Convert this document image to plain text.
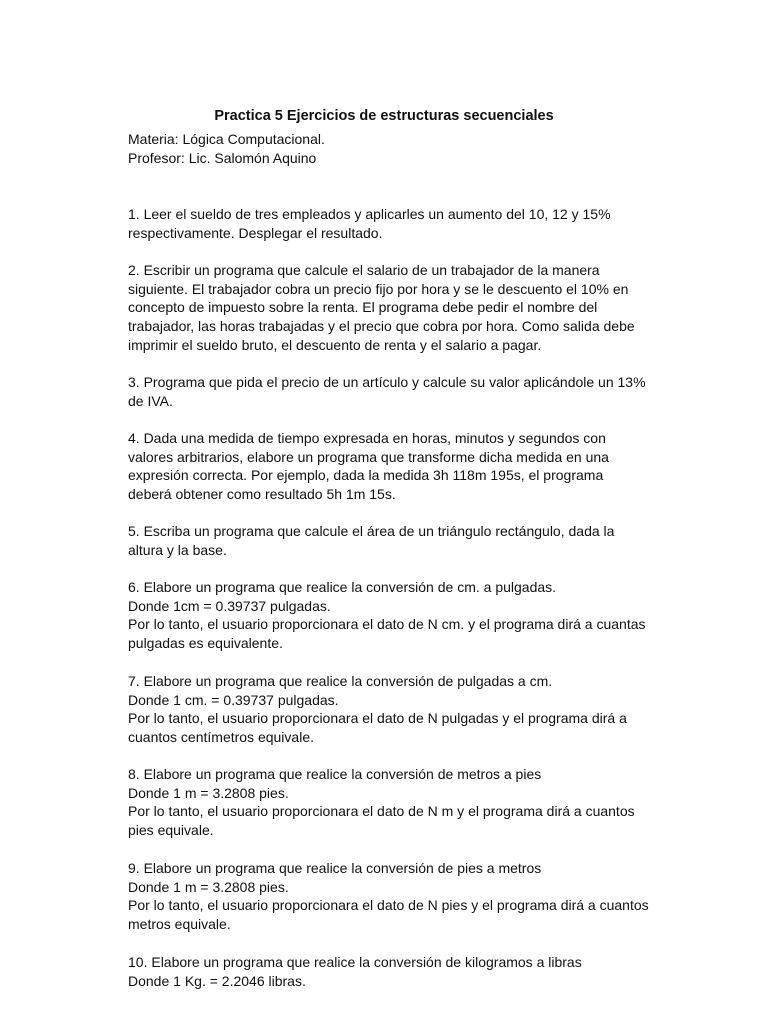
Practica 5 Ejercicios de estructuras secuenciales
Materia: Lógica Computacional.
Profesor: Lic. Salomón Aquino
1. Leer el sueldo de tres empleados y aplicarles un aumento del 10, 12 y 15%
respectivamente. Desplegar el resultado.
2. Escribir un programa que calcule el salario de un trabajador de la manera
siguiente. El trabajador cobra un precio fijo por hora y se le descuento el 10% en
concepto de impuesto sobre la renta. El programa debe pedir el nombre del
trabajador, las horas trabajadas y el precio que cobra por hora. Como salida debe
imprimir el sueldo bruto, el descuento de renta y el salario a pagar.
3. Programa que pida el precio de un artículo y calcule su valor aplicándole un 13%
de IVA.
4. Dada una medida de tiempo expresada en horas, minutos y segundos con
valores arbitrarios, elabore un programa que transforme dicha medida en una
expresión correcta. Por ejemplo, dada la medida 3h 118m 195s, el programa
deberá obtener como resultado 5h 1m 15s.
5. Escriba un programa que calcule el área de un triángulo rectángulo, dada la
altura y la base.
6. Elabore un programa que realice la conversión de cm. a pulgadas.
Donde 1cm = 0.39737 pulgadas.
Por lo tanto, el usuario proporcionara el dato de N cm. y el programa dirá a cuantas
pulgadas es equivalente.
7. Elabore un programa que realice la conversión de pulgadas a cm.
Donde 1 cm. = 0.39737 pulgadas.
Por lo tanto, el usuario proporcionara el dato de N pulgadas y el programa dirá a
cuantos centímetros equivale.
8. Elabore un programa que realice la conversión de metros a pies
Donde 1 m = 3.2808 pies.
Por lo tanto, el usuario proporcionara el dato de N m y el programa dirá a cuantos
pies equivale.
9. Elabore un programa que realice la conversión de pies a metros
Donde 1 m = 3.2808 pies.
Por lo tanto, el usuario proporcionara el dato de N pies y el programa dirá a cuantos
metros equivale.
10. Elabore un programa que realice la conversión de kilogramos a libras
Donde 1 Kg. = 2.2046 libras.
